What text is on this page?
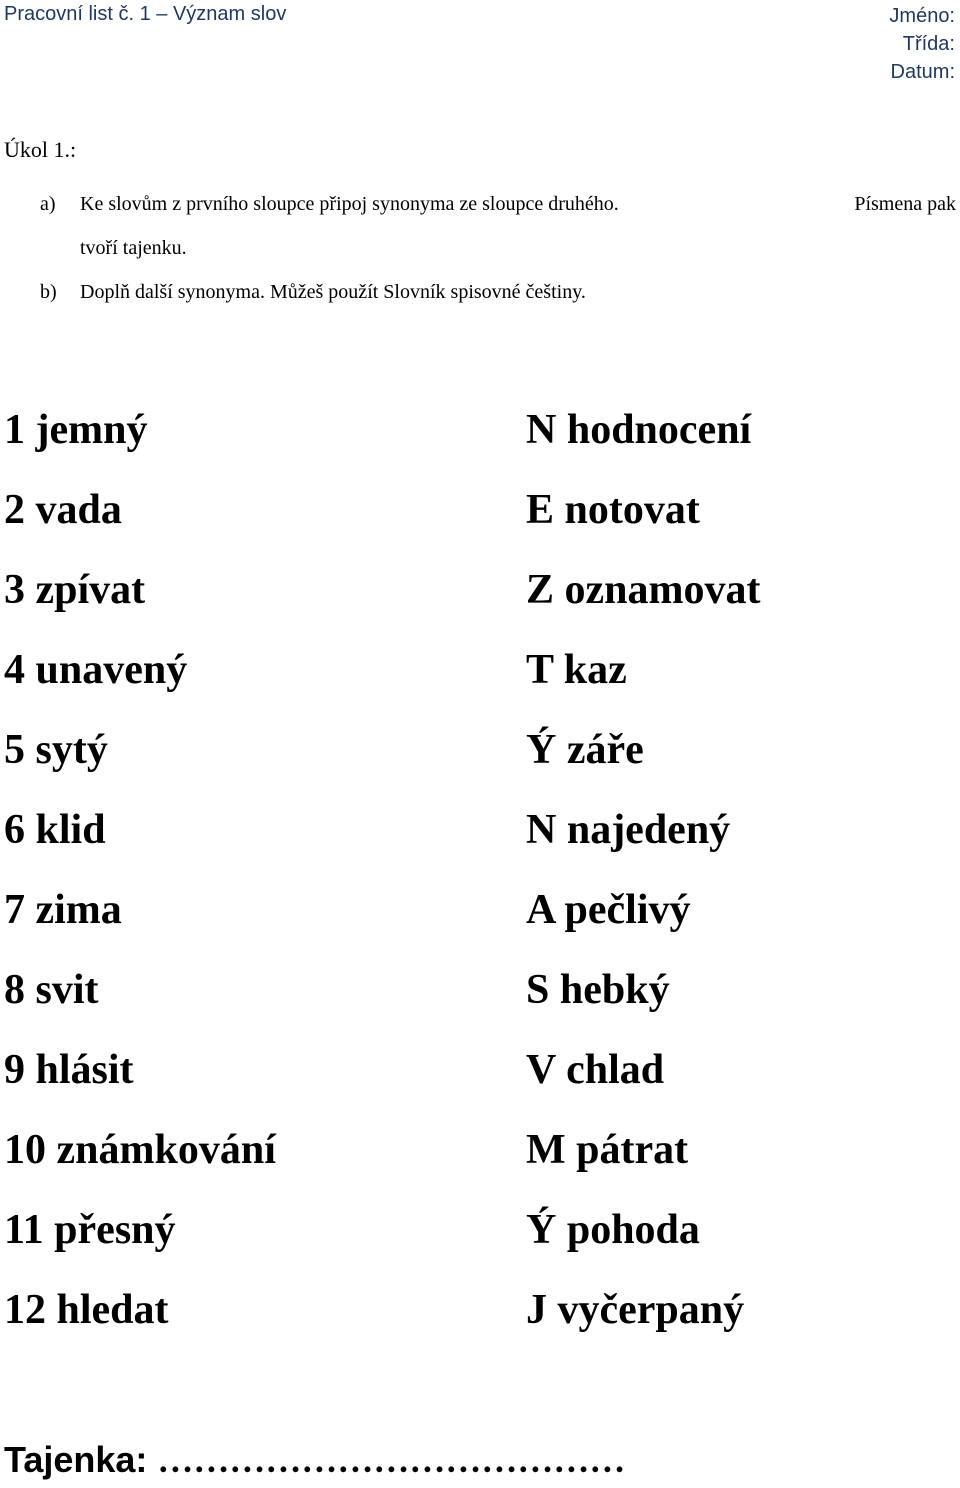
Pracovní list č. 1 – Význam slov	Jméno:
Třída:
Datum:
Úkol 1.:
a) Ke slovům z prvního sloupce připoj synonyma ze sloupce druhého.	Písmena pak
tvoří tajenku.
b) Doplň další synonyma. Můžeš použít Slovník spisovné češtiny.
1 jemný	N hodnocení
2 vada	E notovat
3 zpívat	Z oznamovat
4 unavený	T kaz
5 sytý	Ý záře
6 klid	N najedený
7 zima	A pečlivý
8 svit	S hebký
9 hlásit	V chlad
10 známkování	M pátrat
11 přesný	Ý pohoda
12 hledat	J vyčerpaný
Tajenka: …………………………………
